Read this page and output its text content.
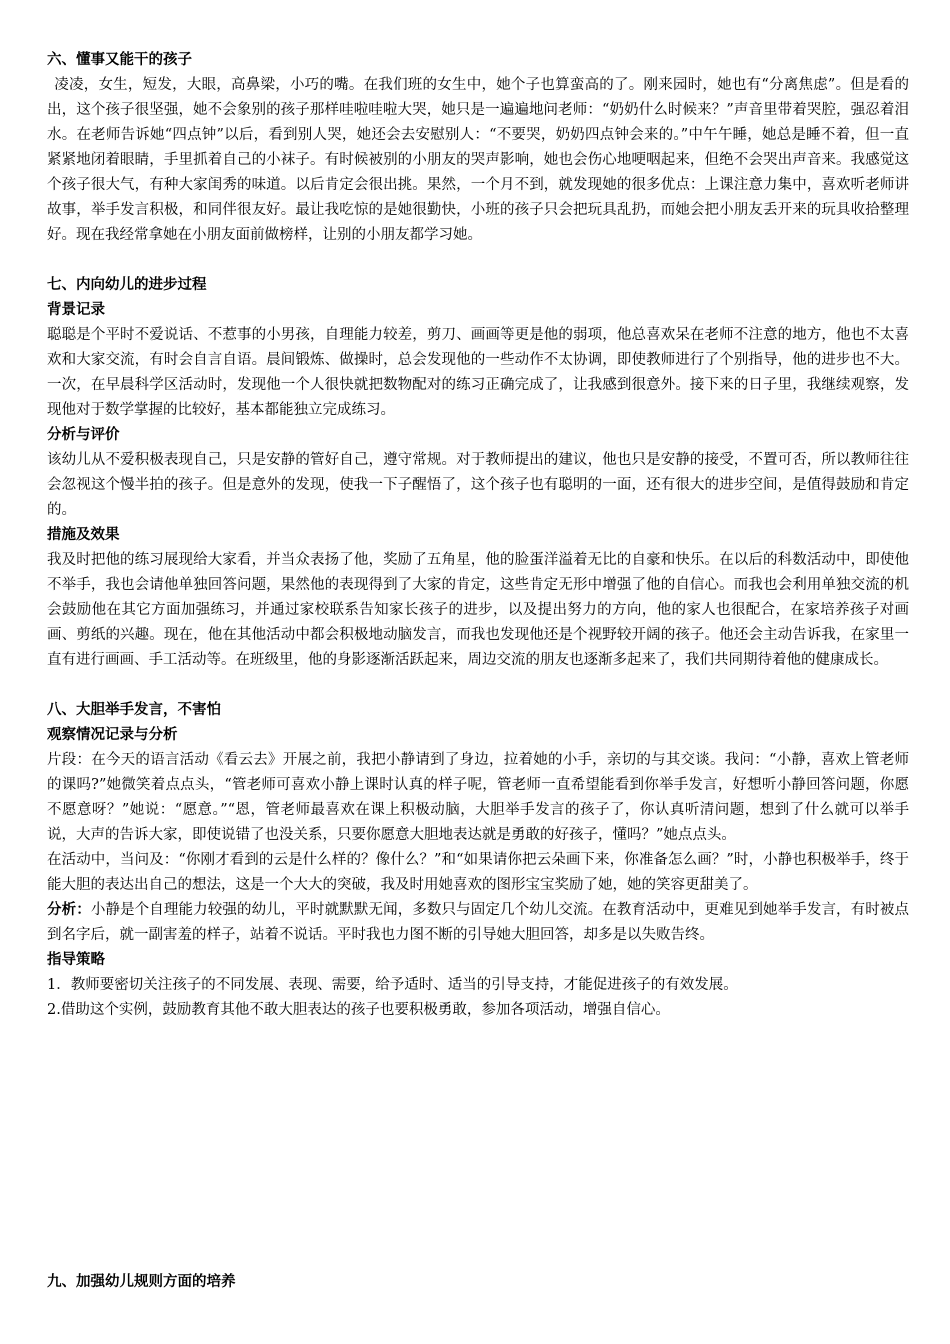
六、懂事又能干的孩子

凌凌，女生，短发，大眼，高鼻梁，小巧的嘴。在我们班的女生中，她个子也算蛮高的了。刚来园时，她也有“分离焦虑”。但是看的出，这个孩子很坚强，她不会象别的孩子那样哇啦哇啦大哭，她只是一遍遍地问老师：“奶奶什么时候来？”声音里带着哭腔，强忍着泪水。在老师告诉她“四点钟”以后，看到别人哭，她还会去安慰别人：“不要哭，奶奶四点钟会来的。”中午午睡，她总是睡不着，但一直紧紧地闭着眼睛，手里抓着自己的小袜子。有时候被别的小朋友的哭声影响，她也会伤心地哽咽起来，但绝不会哭出声音来。我感觉这个孩子很大气，有种大家闺秀的味道。以后肯定会很出挑。果然，一个月不到，就发现她的很多优点：上课注意力集中，喜欢听老师讲故事，举手发言积极，和同伴很友好。最让我吃惊的是她很勤快，小班的孩子只会把玩具乱扔，而她会把小朋友丢开来的玩具收拾整理好。现在我经常拿她在小朋友面前做榜样，让别的小朋友都学习她。

七、内向幼儿的进步过程
背景记录

聪聪是个平时不爱说话、不惹事的小男孩，自理能力较差，剪刀、画画等更是他的弱项，他总喜欢呆在老师不注意的地方，他也不太喜欢和大家交流，有时会自言自语。晨间锻炼、做操时，总会发现他的一些动作不太协调，即使教师进行了个别指导，他的进步也不大。一次，在早晨科学区活动时，发现他一个人很快就把数物配对的练习正确完成了，让我感到很意外。接下来的日子里，我继续观察，发现他对于数学掌握的比较好，基本都能独立完成练习。

分析与评价

该幼儿从不爱积极表现自己，只是安静的管好自己，遵守常规。对于教师提出的建议，他也只是安静的接受，不置可否，所以教师往往会忽视这个慢半拍的孩子。但是意外的发现，使我一下子醒悟了，这个孩子也有聪明的一面，还有很大的进步空间，是值得鼓励和肯定的。

措施及效果

我及时把他的练习展现给大家看，并当众表扬了他，奖励了五角星，他的脸蛋洋溢着无比的自豪和快乐。在以后的科数活动中，即使他不举手，我也会请他单独回答问题，果然他的表现得到了大家的肯定，这些肯定无形中增强了他的自信心。而我也会利用单独交流的机会鼓励他在其它方面加强练习，并通过家校联系告知家长孩子的进步，以及提出努力的方向，他的家人也很配合，在家培养孩子对画画、剪纸的兴趣。现在，他在其他活动中都会积极地动脑发言，而我也发现他还是个视野较开阔的孩子。他还会主动告诉我，在家里一直有进行画画、手工活动等。在班级里，他的身影逐渐活跃起来，周边交流的朋友也逐渐多起来了，我们共同期待着他的健康成长。

八、大胆举手发言，不害怕
观察情况记录与分析

片段：在今天的语言活动《看云去》开展之前，我把小静请到了身边，拉着她的小手，亲切的与其交谈。我问：“小静，喜欢上管老师的课吗?”她微笑着点点头，“管老师可喜欢小静上课时认真的样子呢，管老师一直希望能看到你举手发言，好想听小静回答问题，你愿不愿意呀？”她说：“愿意。”“恩，管老师最喜欢在课上积极动脑，大胆举手发言的孩子了，你认真听清问题，想到了什么就可以举手说，大声的告诉大家，即使说错了也没关系，只要你愿意大胆地表达就是勇敢的好孩子，懂吗？”她点点头。

在活动中，当问及：“你刚才看到的云是什么样的？像什么？”和“如果请你把云朵画下来，你准备怎么画？”时，小静也积极举手，终于能大胆的表达出自己的想法，这是一个大大的突破，我及时用她喜欢的图形宝宝奖励了她，她的笑容更甜美了。

分析：小静是个自理能力较强的幼儿，平时就默默无闻，多数只与固定几个幼儿交流。在教育活动中，更难见到她举手发言，有时被点到名字后，就一副害羞的样子，站着不说话。平时我也力图不断的引导她大胆回答，却多是以失败告终。

指导策略

1．教师要密切关注孩子的不同发展、表现、需要，给予适时、适当的引导支持，才能促进孩子的有效发展。

2.借助这个实例，鼓励教育其他不敢大胆表达的孩子也要积极勇敢，参加各项活动，增强自信心。

九、加强幼儿规则方面的培养
